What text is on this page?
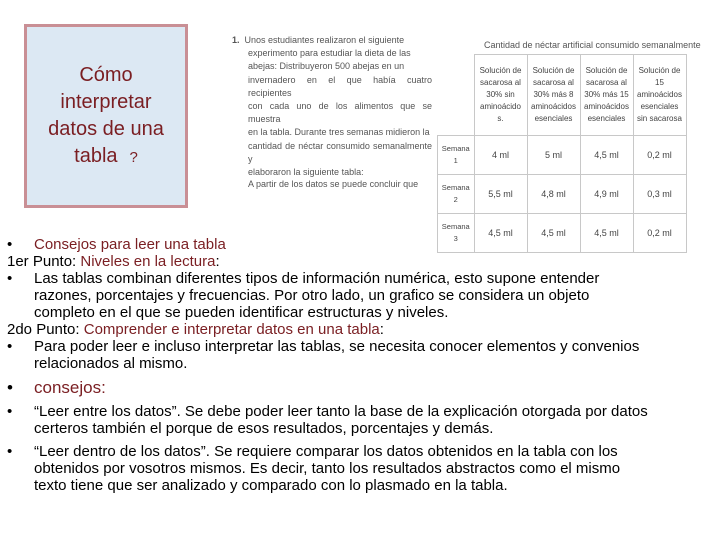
Cómo
interpretar
datos de una
tabla ?
1. Unos estudiantes realizaron el siguiente
experimento para estudiar la dieta de las
abejas: Distribuyeron 500 abejas en un
invernadero en el que había cuatro recipientes
con cada uno de los alimentos que se muestra
en la tabla. Durante tres semanas midieron la
cantidad de néctar consumido semanalmente y
elaboraron la siguiente tabla:
A partir de los datos se puede concluir que
Cantidad de néctar artificial consumido semanalmente
	Solución de
sacarosa al
30% sin
aminoácido
s.	Solución de
sacarosa al
30% más 8
aminoácidos
esenciales	Solución de
sacarosa al
30% más 15
aminoácidos
esenciales	Solución de
15
aminoácidos
esenciales
sin sacarosa
Semana
1	4 ml	5 ml	4,5 ml	0,2 ml
Semana
2	5,5 ml	4,8 ml	4,9 ml	0,3 ml
Semana
3	4,5 ml	4,5 ml	4,5 ml	0,2 ml
• Consejos para leer una tabla
1er Punto: Niveles en la lectura:
•	Las tablas combinan diferentes tipos de información numérica, esto supone entender
razones, porcentajes y frecuencias. Por otro lado, un grafico se considera un objeto
completo en el que se pueden identificar estructuras y niveles.
2do Punto: Comprender e interpretar datos en una tabla:
•	Para poder leer e incluso interpretar las tablas, se necesita conocer elementos y convenios
relacionados al mismo.
• consejos:
•	“Leer entre los datos”. Se debe poder leer tanto la base de la explicación otorgada por datos
certeros también el porque de esos resultados, porcentajes y demás.
•	“Leer dentro de los datos”. Se requiere comparar los datos obtenidos en la tabla con los
obtenidos por vosotros mismos. Es decir, tanto los resultados abstractos como el mismo
texto tiene que ser analizado y comparado con lo plasmado en la tabla.
